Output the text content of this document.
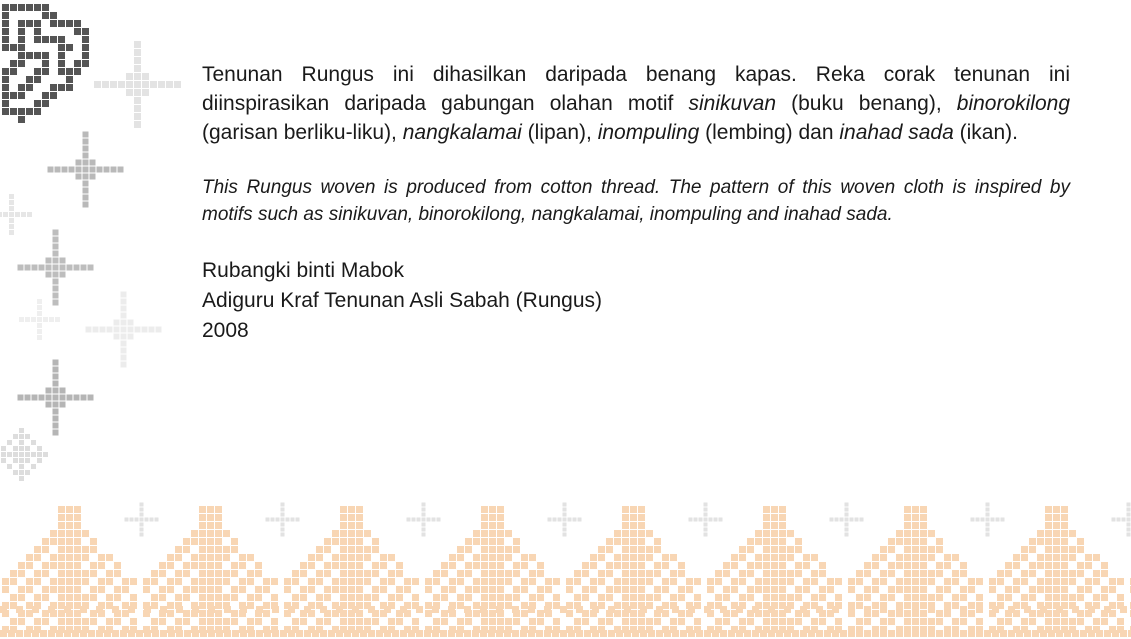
Tenunan Rungus ini dihasilkan daripada benang kapas. Reka corak tenunan ini diinspirasikan daripada gabungan olahan motif sinikuvan (buku benang), binorokilong (garisan berliku-liku), nangkalamai (lipan), inompuling (lembing) dan inahad sada (ikan).

This Rungus woven is produced from cotton thread. The pattern of this woven cloth is inspired by motifs such as sinikuvan, binorokilong, nangkalamai, inompuling and inahad sada.

Rubangki binti Mabok
Adiguru Kraf Tenunan Asli Sabah (Rungus)
2008
